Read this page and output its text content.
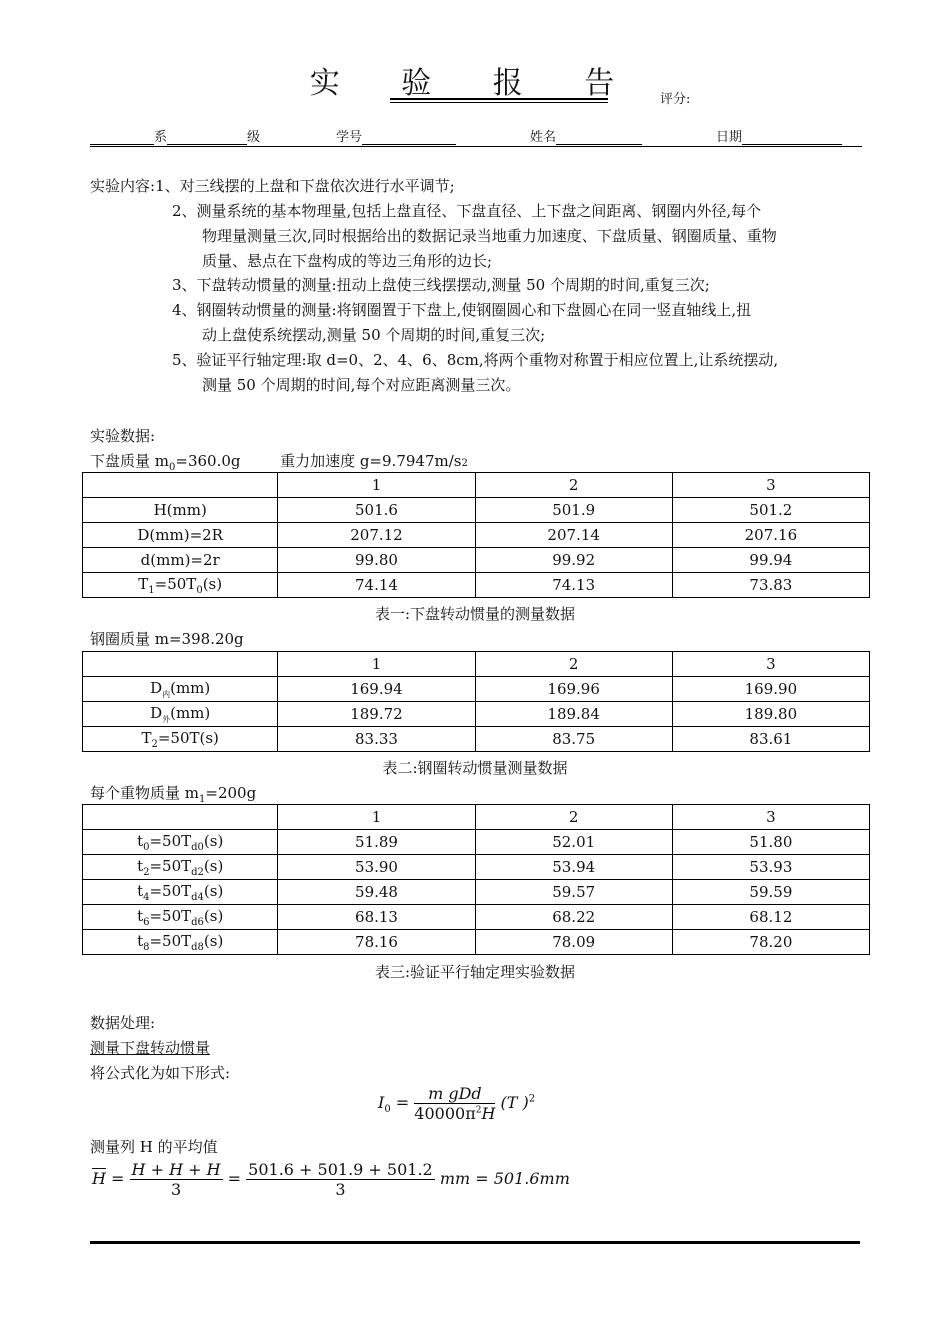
实 验 报 告	评分:
系	级	学号	姓名	日期
实验内容:1、对三线摆的上盘和下盘依次进行水平调节;
2、测量系统的基本物理量,包括上盘直径、下盘直径、上下盘之间距离、钢圈内外径,每个
物理量测量三次,同时根据给出的数据记录当地重力加速度、下盘质量、钢圈质量、重物
质量、悬点在下盘构成的等边三角形的边长;
3、下盘转动惯量的测量:扭动上盘使三线摆摆动,测量 50 个周期的时间,重复三次;
4、钢圈转动惯量的测量:将钢圈置于下盘上,使钢圈圆心和下盘圆心在同一竖直轴线上,扭
动上盘使系统摆动,测量 50 个周期的时间,重复三次;
5、验证平行轴定理:取 d=0、2、4、6、8cm,将两个重物对称置于相应位置上,让系统摆动,
测量 50 个周期的时间,每个对应距离测量三次。
实验数据:
下盘质量 $m_0=360.0g$	重力加速度 g=9.7947m/s2
	1	2	3
H(mm)	501.6	501.9	501.2
D(mm)=2R	207.12	207.14	207.16
d(mm)=2r	99.80	99.92	99.94
$T_1=50T_0(s)$	74.14	74.13	73.83
表一:下盘转动惯量的测量数据
钢圈质量 m=398.20g
	1	2	3
$D_内(mm)$	169.94	169.96	169.90
$D_外(mm)$	189.72	189.84	189.80
$T_2=50T(s)$	83.33	83.75	83.61
表二:钢圈转动惯量测量数据
每个重物质量 $m_1=200g$
	1	2	3
$t_0=50T_{d0}(s)$	51.89	52.01	51.80
$t_2=50T_{d2}(s)$	53.90	53.94	53.93
$t_4=50T_{d4}(s)$	59.48	59.57	59.59
$t_6=50T_{d6}(s)$	68.13	68.22	68.12
$t_8=50T_{d8}(s)$	78.16	78.09	78.20
表三:验证平行轴定理实验数据
数据处理:
测量下盘转动惯量
将公式化为如下形式:
$I_0 = \frac{\text{m gDd}}{40000\pi^2H} (T$ )$^2$
测量列 H 的平均值
$\overline{H} = \frac{H + H + H}{3} = \frac{501.6 + 501.9 + 501.2}{3}$ mm = 501.6mm
